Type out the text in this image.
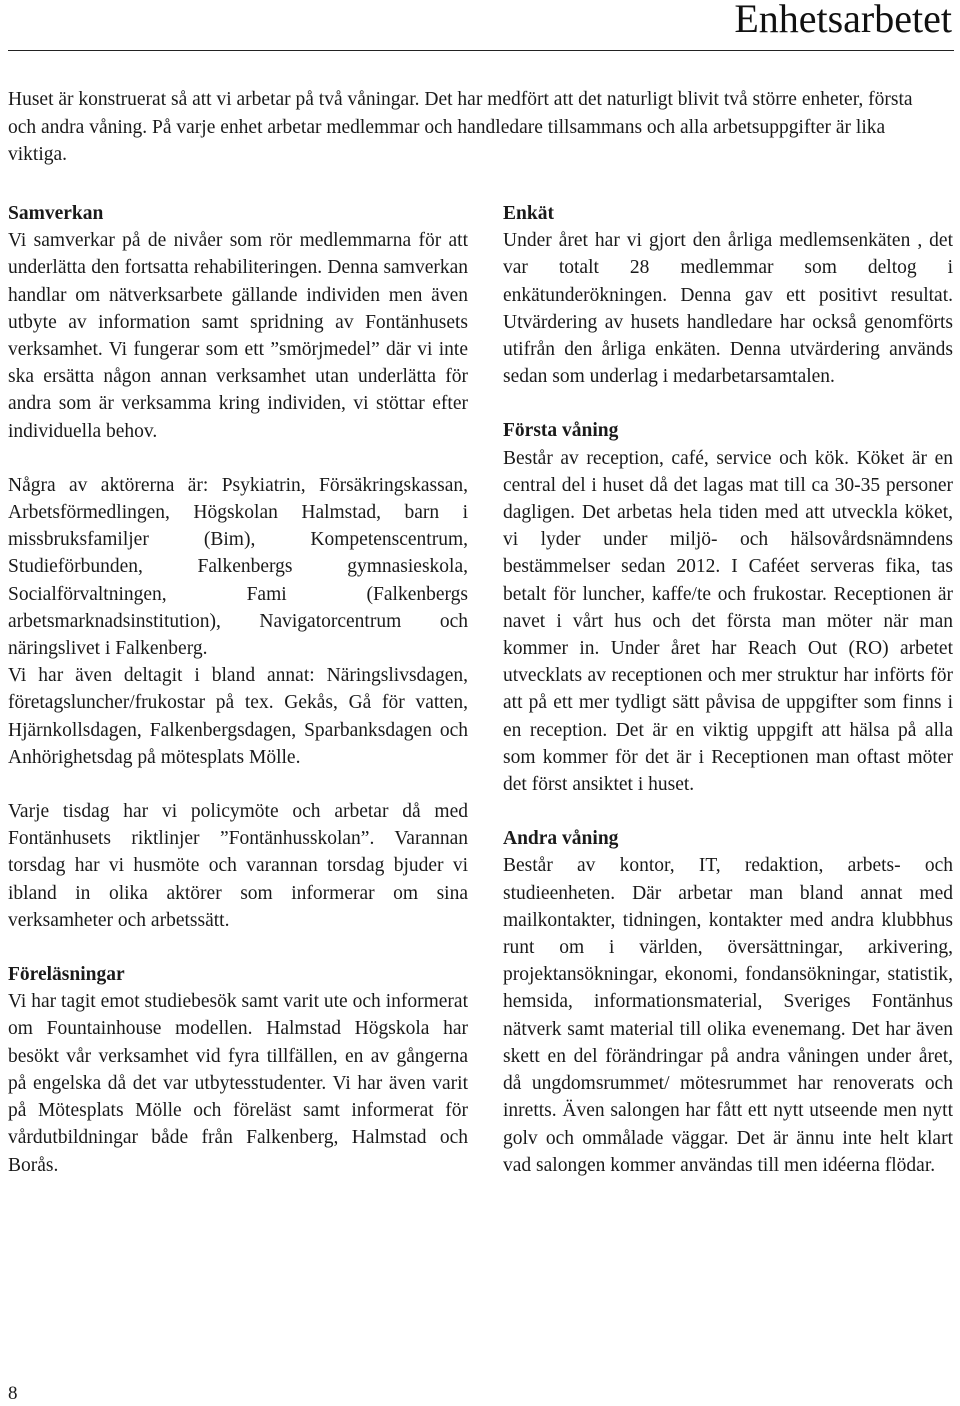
Enhetsarbetet
Huset är konstruerat så att vi arbetar på två våningar. Det har medfört att det naturligt blivit två större enheter, första och andra våning. På varje enhet arbetar medlemmar och handledare tillsammans och alla arbetsuppgifter är lika viktiga.
Samverkan

Vi samverkar på de nivåer som rör medlemmarna för att underlätta den fortsatta rehabiliteringen. Denna samverkan handlar om nätverksarbete gällande individen men även utbyte av information samt spridning av Fontänhusets verksamhet. Vi fungerar som ett ”smörjmedel” där vi inte ska ersätta någon annan verksamhet utan underlätta för andra som är verksamma kring individen, vi stöttar efter individuella behov.

Några av aktörerna är: Psykiatrin, Försäkringskassan, Arbetsförmedlingen, Högskolan Halmstad, barn i missbruksfamiljer (Bim), Kompetenscentrum, Studieförbunden, Falkenbergs gymnasieskola, Socialförvaltningen, Fami (Falkenbergs arbetsmarknadsinstitution), Navigatorcentrum och näringslivet i Falkenberg.

Vi har även deltagit i bland annat: Näringslivsdagen, företagsluncher/frukostar på tex. Gekås, Gå för vatten, Hjärnkollsdagen, Falkenbergsdagen, Sparbanksdagen och Anhörighetsdag på mötesplats Mölle.

Varje tisdag har vi policymöte och arbetar då med Fontänhusets riktlinjer ”Fontänhusskolan”. Varannan torsdag har vi husmöte och varannan torsdag bjuder vi ibland in olika aktörer som informerar om sina verksamheter och arbetssätt.

Föreläsningar

Vi har tagit emot studiebesök samt varit ute och informerat om Fountainhouse modellen. Halmstad Högskola har besökt vår verksamhet vid fyra tillfällen, en av gångerna på engelska då det var utbytesstudenter. Vi har även varit på Mötesplats Mölle och föreläst samt informerat för vårdutbildningar både från Falkenberg, Halmstad och Borås.

Enkät

Under året har vi gjort den årliga medlemsenkäten , det var totalt 28 medlemmar som deltog i enkätunderökningen. Denna gav ett positivt resultat. Utvärdering av husets handledare har också genomförts utifrån den årliga enkäten. Denna utvärdering används sedan som underlag i medarbetarsamtalen.

Första våning

Består av reception, café, service och kök. Köket är en central del i huset då det lagas mat till ca 30-35 personer dagligen. Det arbetas hela tiden med att utveckla köket, vi lyder under miljö- och hälsovårdsnämndens bestämmelser sedan 2012. I Caféet serveras fika, tas betalt för luncher, kaffe/te och frukostar. Receptionen är navet i vårt hus och det första man möter när man kommer in. Under året har Reach Out (RO) arbetet utvecklats av receptionen och mer struktur har införts för att på ett mer tydligt sätt påvisa de uppgifter som finns i en reception. Det är en viktig uppgift att hälsa på alla som kommer för det är i Receptionen man oftast möter det först ansiktet i huset.

Andra våning

Består av kontor, IT, redaktion, arbets- och studieenheten. Där arbetar man bland annat med mailkontakter, tidningen, kontakter med andra klubbhus runt om i världen, översättningar, arkivering, projektansökningar, ekonomi, fondansökningar, statistik, hemsida, informationsmaterial, Sveriges Fontänhus nätverk samt material till olika evenemang. Det har även skett en del förändringar på andra våningen under året, då ungdomsrummet/ mötesrummet har renoverats och inretts. Även salongen har fått ett nytt utseende men nytt golv och ommålade väggar. Det är ännu inte helt klart vad salongen kommer användas till men idéerna flödar.

8
